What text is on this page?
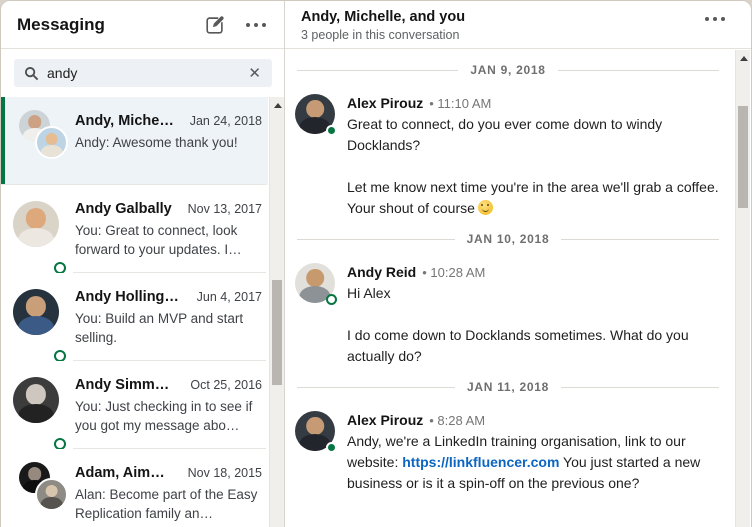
Messaging
andy
✕
Andy, Miche…	Jan 24, 2018
Andy: Awesome thank you!
Andy Galbally	Nov 13, 2017
You: Great to connect, look forward to your updates. I…
Andy Holling…	Jun 4, 2017
You: Build an MVP and start selling.
Andy Simm…	Oct 25, 2016
You: Just checking in to see if you got my message abo…
Adam, Aim…	Nov 18, 2015
Alan: Become part of the Easy Replication family an…
Andy, Michelle, and you
3 people in this conversation
JAN 9, 2018
Alex Pirouz • 11:10 AM

Great to connect, do you ever come down to windy Docklands?

Let me know next time you're in the area we'll grab a coffee. Your shout of course

JAN 10, 2018
Andy Reid • 10:28 AM

Hi Alex

I do come down to Docklands sometimes. What do you actually do?

JAN 11, 2018
Alex Pirouz • 8:28 AM

Andy, we're a LinkedIn training organisation, link to our website: https://linkfluencer.com You just started a new business or is it a spin-off on the previous one?
